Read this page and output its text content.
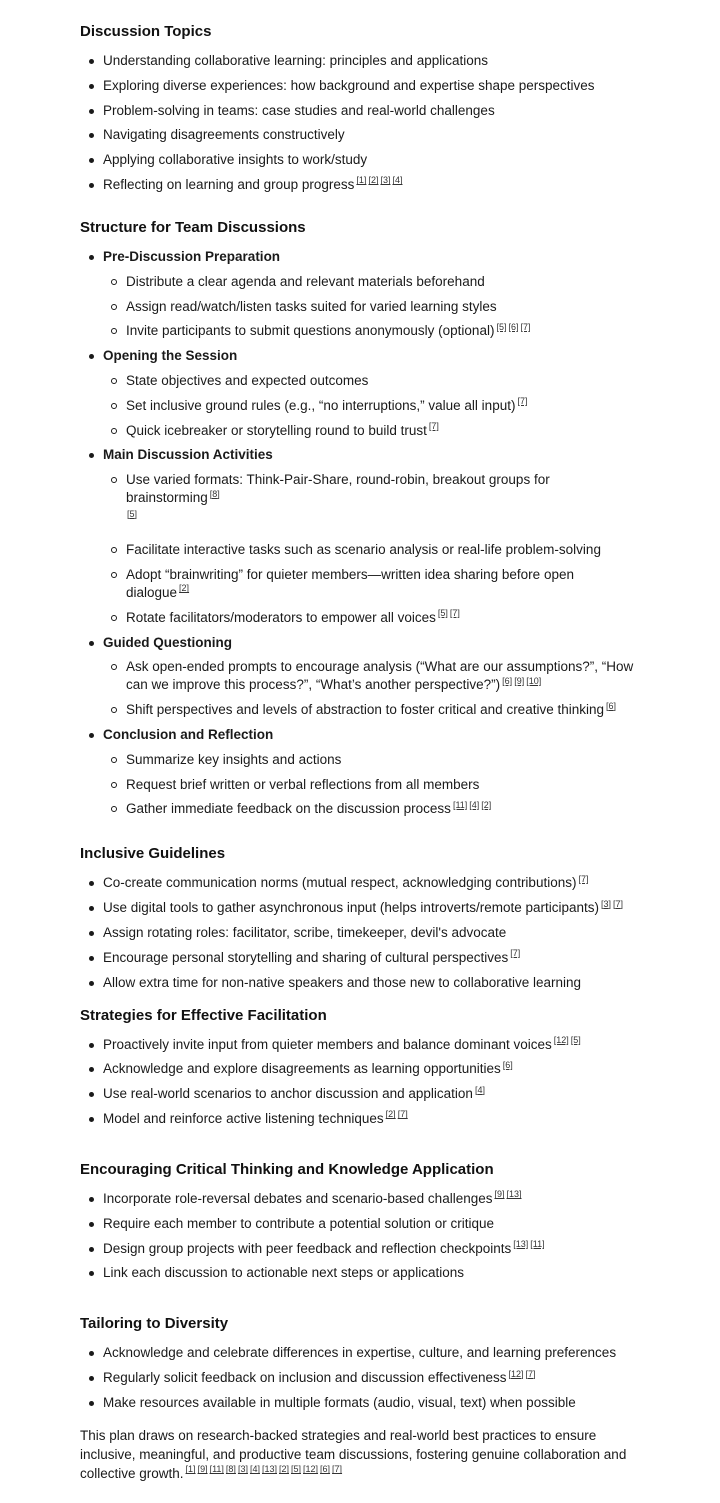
Discussion Topics
Understanding collaborative learning: principles and applications
Exploring diverse experiences: how background and expertise shape perspectives
Problem-solving in teams: case studies and real-world challenges
Navigating disagreements constructively
Applying collaborative insights to work/study
Reflecting on learning and group progress [1] [2] [3] [4]
Structure for Team Discussions
Pre-Discussion Preparation
Distribute a clear agenda and relevant materials beforehand
Assign read/watch/listen tasks suited for varied learning styles
Invite participants to submit questions anonymously (optional) [5] [6] [7]
Opening the Session
State objectives and expected outcomes
Set inclusive ground rules (e.g., “no interruptions,” value all input) [7]
Quick icebreaker or storytelling round to build trust [7]
Main Discussion Activities
Use varied formats: Think-Pair-Share, round-robin, breakout groups for brainstorming [8]
[5]
Facilitate interactive tasks such as scenario analysis or real-life problem-solving
Adopt “brainwriting” for quieter members—written idea sharing before open dialogue [2]
Rotate facilitators/moderators to empower all voices [5] [7]
Guided Questioning
Ask open-ended prompts to encourage analysis (“What are our assumptions?”, “How can we improve this process?”, “What’s another perspective?”) [6] [9] [10]
Shift perspectives and levels of abstraction to foster critical and creative thinking [6]
Conclusion and Reflection
Summarize key insights and actions
Request brief written or verbal reflections from all members
Gather immediate feedback on the discussion process [11] [4] [2]
Inclusive Guidelines
Co-create communication norms (mutual respect, acknowledging contributions) [7]
Use digital tools to gather asynchronous input (helps introverts/remote participants) [3] [7]
Assign rotating roles: facilitator, scribe, timekeeper, devil's advocate
Encourage personal storytelling and sharing of cultural perspectives [7]
Allow extra time for non-native speakers and those new to collaborative learning
Strategies for Effective Facilitation
Proactively invite input from quieter members and balance dominant voices [12] [5]
Acknowledge and explore disagreements as learning opportunities [6]
Use real-world scenarios to anchor discussion and application [4]
Model and reinforce active listening techniques [2] [7]
Encouraging Critical Thinking and Knowledge Application
Incorporate role-reversal debates and scenario-based challenges [9] [13]
Require each member to contribute a potential solution or critique
Design group projects with peer feedback and reflection checkpoints [13] [11]
Link each discussion to actionable next steps or applications
Tailoring to Diversity
Acknowledge and celebrate differences in expertise, culture, and learning preferences
Regularly solicit feedback on inclusion and discussion effectiveness [12] [7]
Make resources available in multiple formats (audio, visual, text) when possible

This plan draws on research-backed strategies and real-world best practices to ensure inclusive, meaningful, and productive team discussions, fostering genuine collaboration and collective growth. [1] [9] [11] [8] [3] [4] [13] [2] [5] [12] [6] [7]
